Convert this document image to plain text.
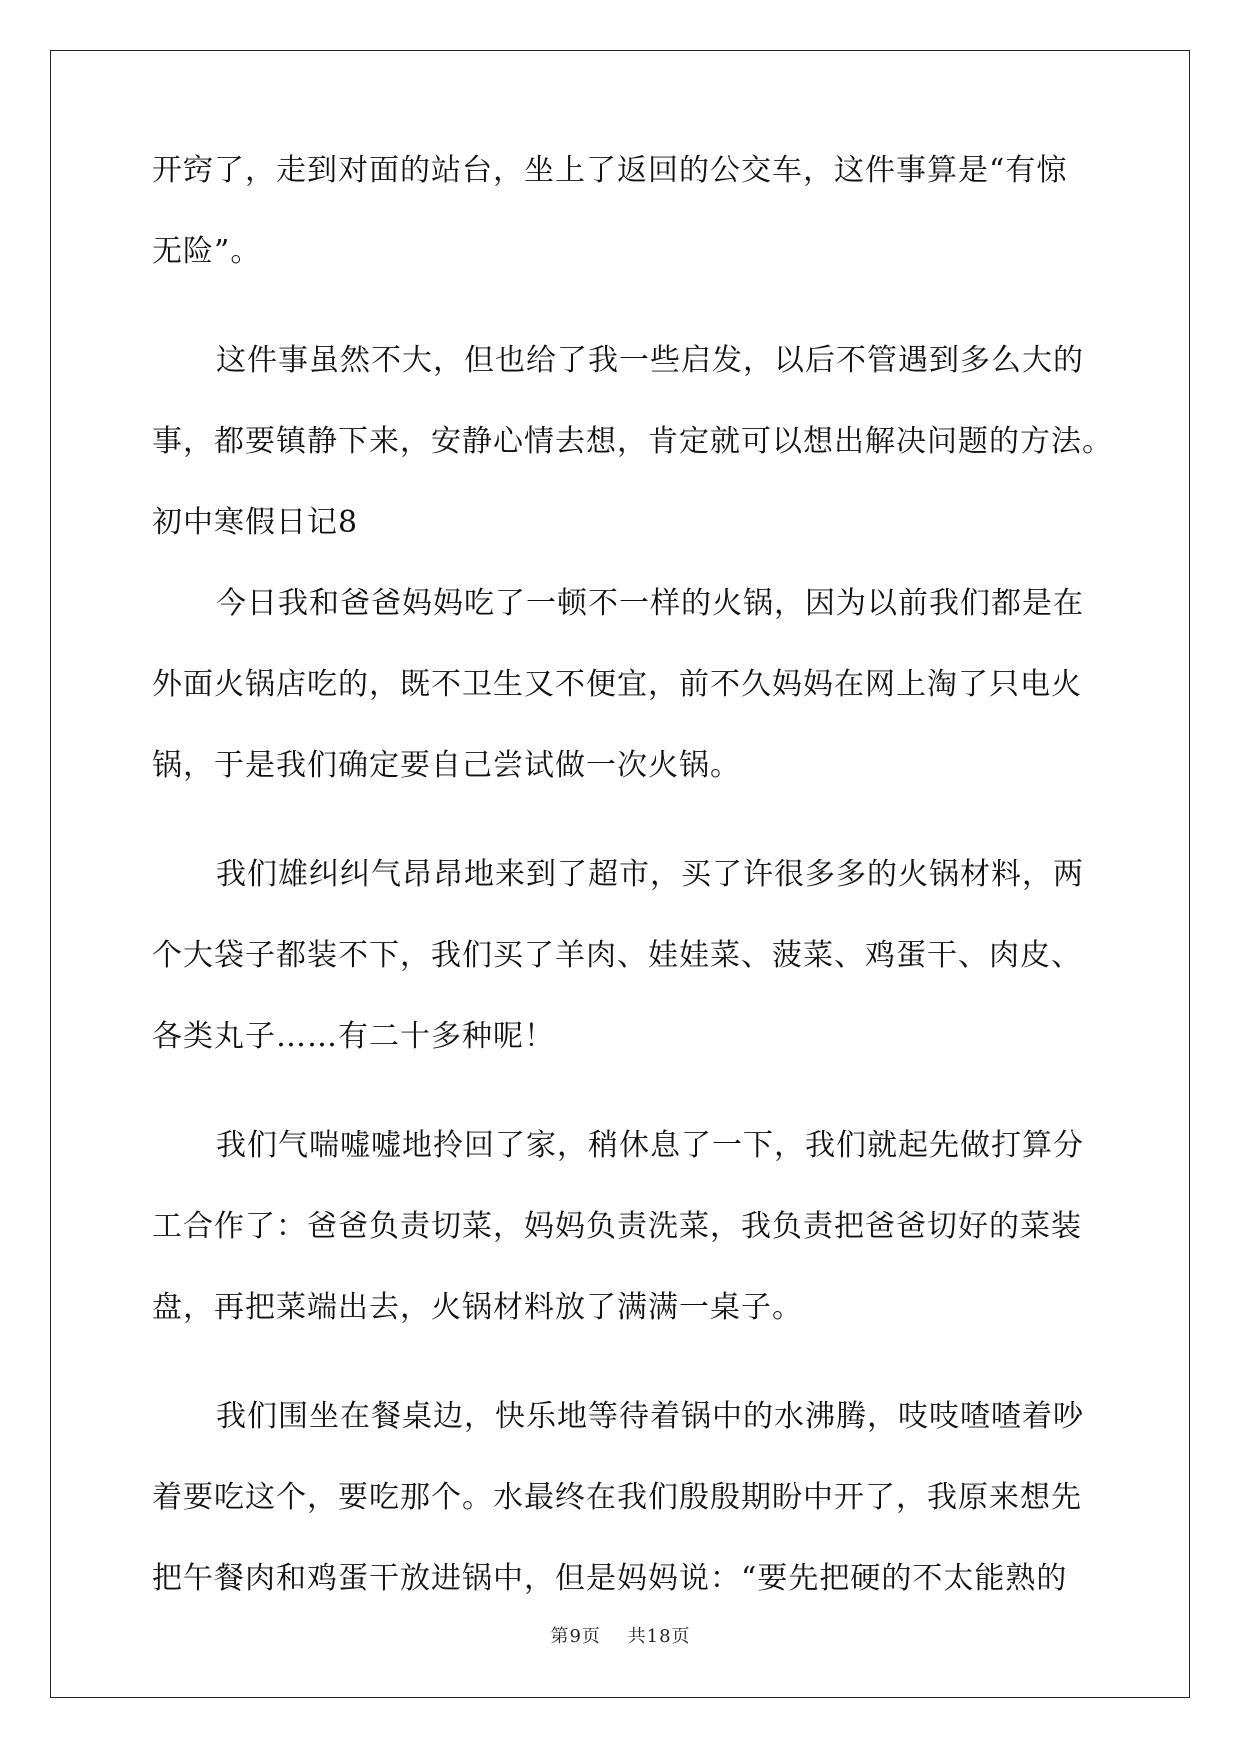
开窍了，走到对面的站台，坐上了返回的公交车，这件事算是“有惊

无险”。

这件事虽然不大，但也给了我一些启发，以后不管遇到多么大的

事，都要镇静下来，安静心情去想，肯定就可以想出解决问题的方法。

初中寒假日记8

今日我和爸爸妈妈吃了一顿不一样的火锅，因为以前我们都是在

外面火锅店吃的，既不卫生又不便宜，前不久妈妈在网上淘了只电火

锅，于是我们确定要自己尝试做一次火锅。

我们雄纠纠气昂昂地来到了超市，买了许很多多的火锅材料，两

个大袋子都装不下，我们买了羊肉、娃娃菜、菠菜、鸡蛋干、肉皮、

各类丸子……有二十多种呢！

我们气喘嘘嘘地拎回了家，稍休息了一下，我们就起先做打算分

工合作了：爸爸负责切菜，妈妈负责洗菜，我负责把爸爸切好的菜装

盘，再把菜端出去，火锅材料放了满满一桌子。

我们围坐在餐桌边，快乐地等待着锅中的水沸腾，吱吱喳喳着吵

着要吃这个，要吃那个。水最终在我们殷殷期盼中开了，我原来想先

把午餐肉和鸡蛋干放进锅中，但是妈妈说：“要先把硬的不太能熟的

第9页 共18页
